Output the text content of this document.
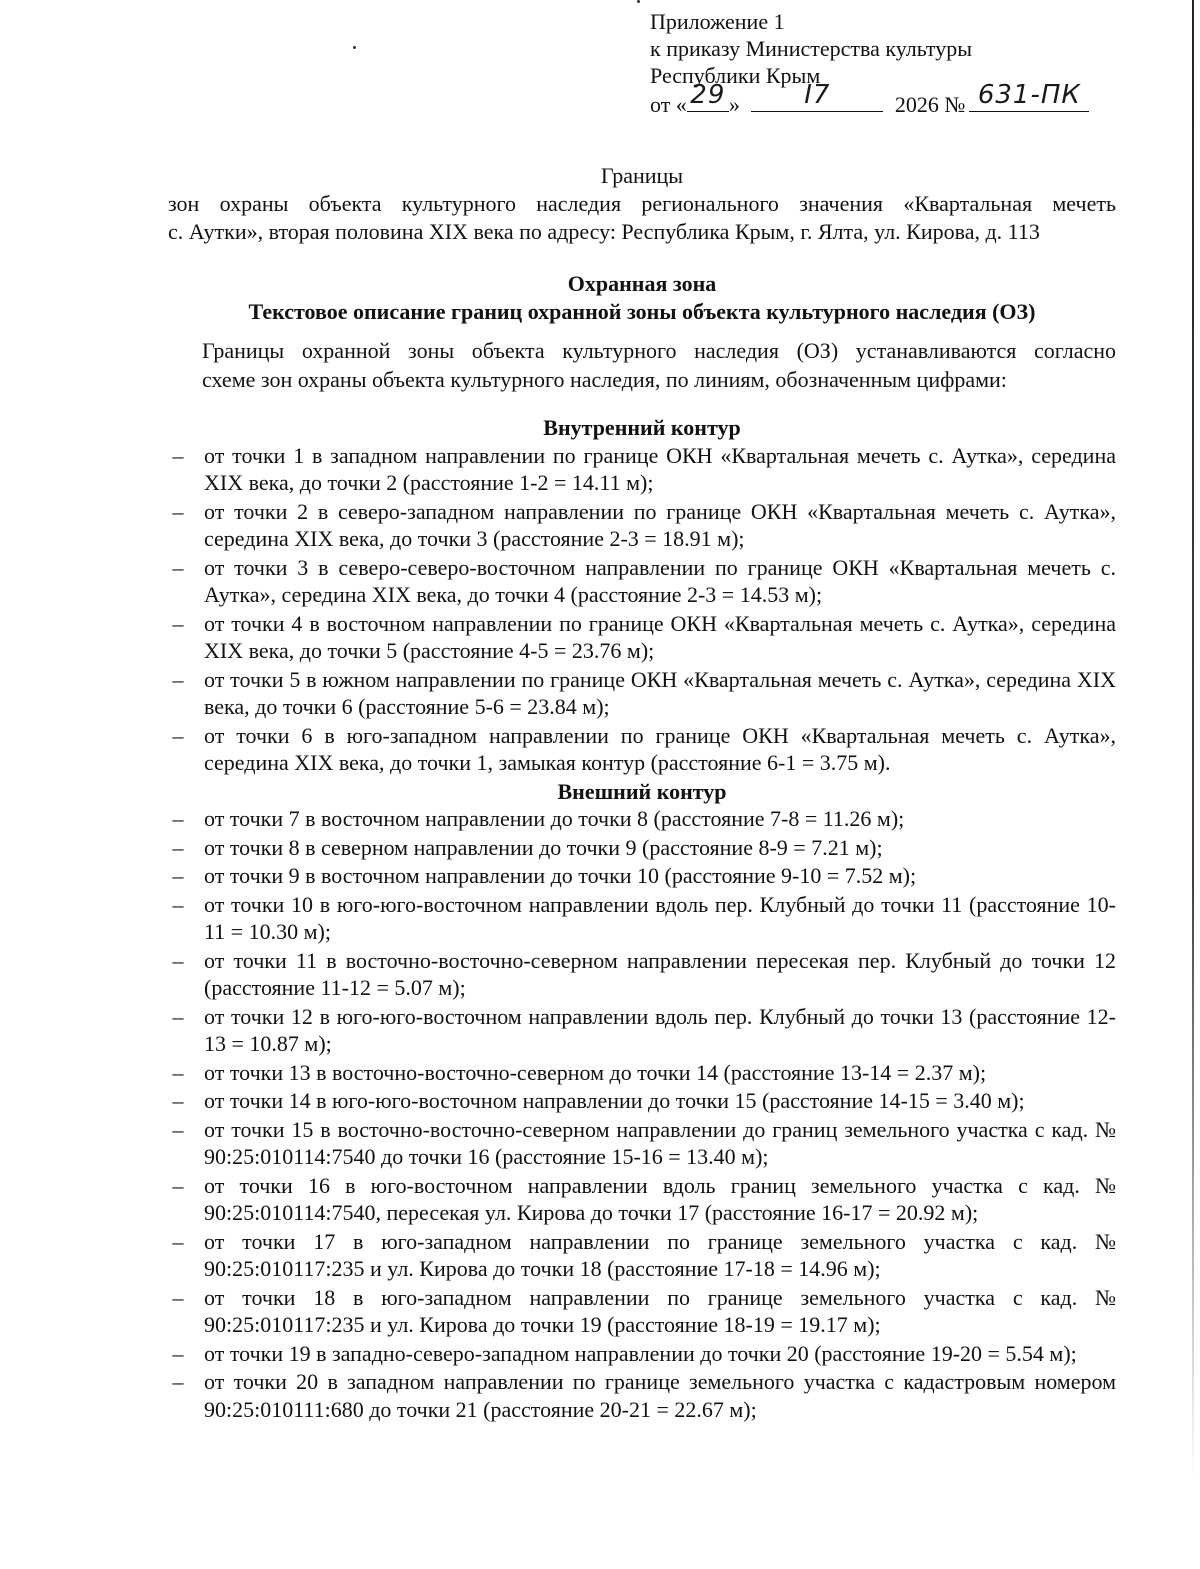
Приложение 1
к приказу Министерства культуры
Республики Крым
от « 29 »	I7	2026 № 631-ПК
Границы
зон охраны объекта культурного наследия регионального значения «Квартальная мечеть
с. Аутки», вторая половина XIX века по адресу: Республика Крым, г. Ялта, ул. Кирова, д. 113
Охранная зона
Текстовое описание границ охранной зоны объекта культурного наследия (ОЗ)
Границы охранной зоны объекта культурного наследия (ОЗ) устанавливаются согласно
схеме зон охраны объекта культурного наследия, по линиям, обозначенным цифрами:
Внутренний контур
– от точки 1 в западном направлении по границе ОКН «Квартальная мечеть с. Аутка», середина XIX века, до точки 2 (расстояние 1-2 = 14.11 м);
– от точки 2 в северо-западном направлении по границе ОКН «Квартальная мечеть с. Аутка», середина XIX века, до точки 3 (расстояние 2-3 = 18.91 м);
– от точки 3 в северо-северо-восточном направлении по границе ОКН «Квартальная мечеть с. Аутка», середина XIX века, до точки 4 (расстояние 2-3 = 14.53 м);
– от точки 4 в восточном направлении по границе ОКН «Квартальная мечеть с. Аутка», середина XIX века, до точки 5 (расстояние 4-5 = 23.76 м);
– от точки 5 в южном направлении по границе ОКН «Квартальная мечеть с. Аутка», середина XIX века, до точки 6 (расстояние 5-6 = 23.84 м);
– от точки 6 в юго-западном направлении по границе ОКН «Квартальная мечеть с. Аутка», середина XIX века, до точки 1, замыкая контур (расстояние 6-1 = 3.75 м).
Внешний контур
– от точки 7 в восточном направлении до точки 8 (расстояние 7-8 = 11.26 м);
– от точки 8 в северном направлении до точки 9 (расстояние 8-9 = 7.21 м);
– от точки 9 в восточном направлении до точки 10 (расстояние 9-10 = 7.52 м);
– от точки 10 в юго-юго-восточном направлении вдоль пер. Клубный до точки 11 (расстояние 10-11 = 10.30 м);
– от точки 11 в восточно-восточно-северном направлении пересекая пер. Клубный до точки 12 (расстояние 11-12 = 5.07 м);
– от точки 12 в юго-юго-восточном направлении вдоль пер. Клубный до точки 13 (расстояние 12-13 = 10.87 м);
– от точки 13 в восточно-восточно-северном до точки 14 (расстояние 13-14 = 2.37 м);
– от точки 14 в юго-юго-восточном направлении до точки 15 (расстояние 14-15 = 3.40 м);
– от точки 15 в восточно-восточно-северном направлении до границ земельного участка с кад. № 90:25:010114:7540 до точки 16 (расстояние 15-16 = 13.40 м);
– от точки 16 в юго-восточном направлении вдоль границ земельного участка с кад. № 90:25:010114:7540, пересекая ул. Кирова до точки 17 (расстояние 16-17 = 20.92 м);
– от точки 17 в юго-западном направлении по границе земельного участка с кад. № 90:25:010117:235 и ул. Кирова до точки 18 (расстояние 17-18 = 14.96 м);
– от точки 18 в юго-западном направлении по границе земельного участка с кад. № 90:25:010117:235 и ул. Кирова до точки 19 (расстояние 18-19 = 19.17 м);
– от точки 19 в западно-северо-западном направлении до точки 20 (расстояние 19-20 = 5.54 м);
– от точки 20 в западном направлении по границе земельного участка с кадастровым номером 90:25:010111:680 до точки 21 (расстояние 20-21 = 22.67 м);
